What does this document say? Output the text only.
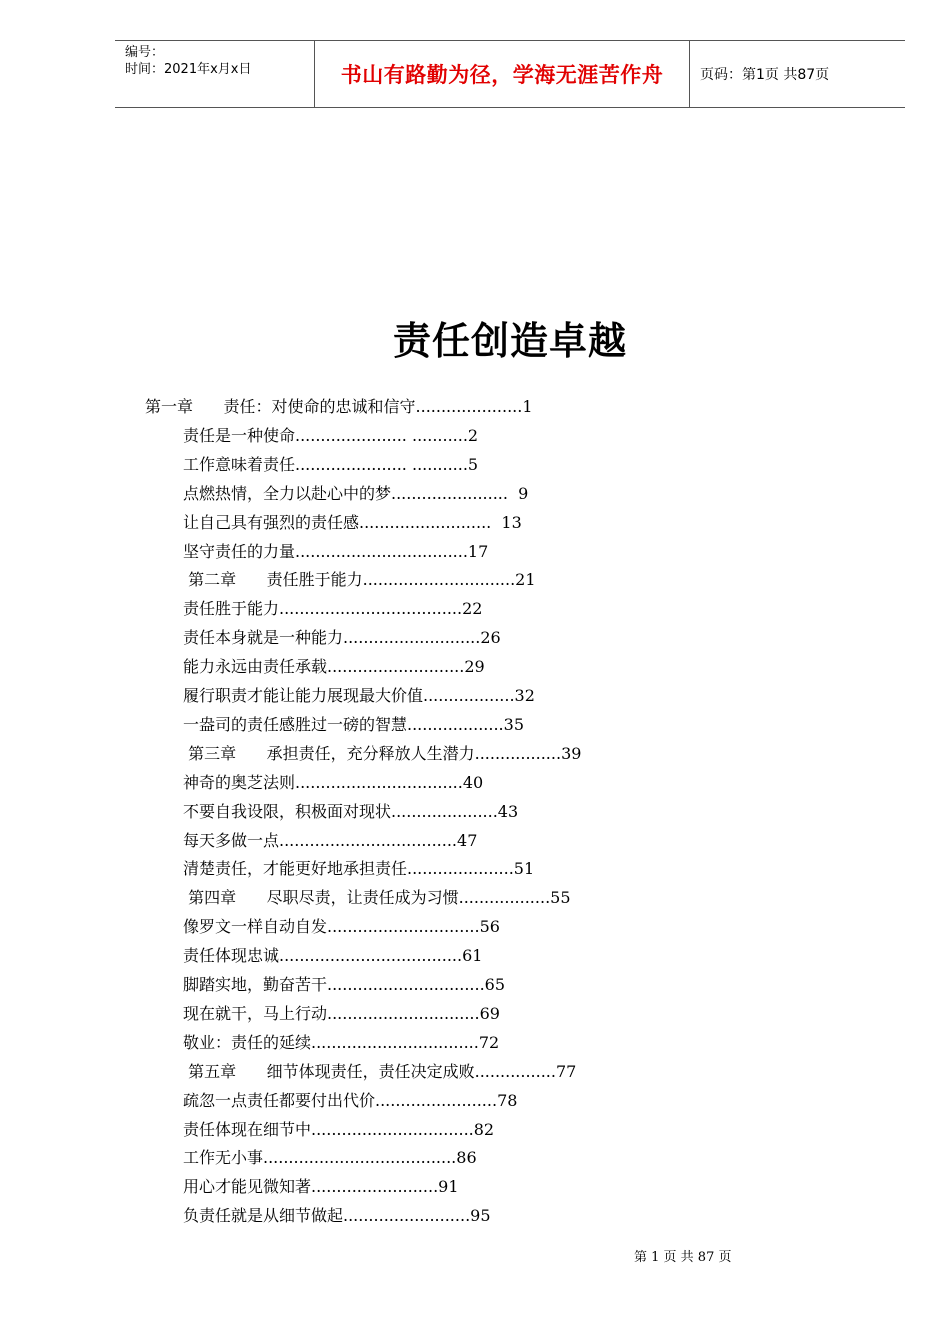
编号：
时间：2021年x月x日	书山有路勤为径，学海无涯苦作舟	页码：第1页 共87页
责任创造卓越
第一章      责任：对使命的忠诚和信守.....................1
责任是一种使命...................... ...........2
工作意味着责任...................... ...........5
点燃热情，全力以赴心中的梦.......................  9
让自己具有强烈的责任感..........................  13
坚守责任的力量..................................17
第二章      责任胜于能力..............................21
责任胜于能力....................................22
责任本身就是一种能力...........................26
能力永远由责任承载...........................29
履行职责才能让能力展现最大价值..................32
一盎司的责任感胜过一磅的智慧...................35
第三章      承担责任，充分释放人生潜力.................39
神奇的奥芝法则.................................40
不要自我设限，积极面对现状.....................43
每天多做一点...................................47
清楚责任，才能更好地承担责任.....................51
第四章      尽职尽责，让责任成为习惯..................55
像罗文一样自动自发..............................56
责任体现忠诚....................................61
脚踏实地，勤奋苦干...............................65
现在就干，马上行动..............................69
敬业：责任的延续.................................72
第五章      细节体现责任，责任决定成败................77
疏忽一点责任都要付出代价........................78
责任体现在细节中................................82
工作无小事......................................86
用心才能见微知著.........................91
负责任就是从细节做起.........................95
第 1 页 共 87 页
